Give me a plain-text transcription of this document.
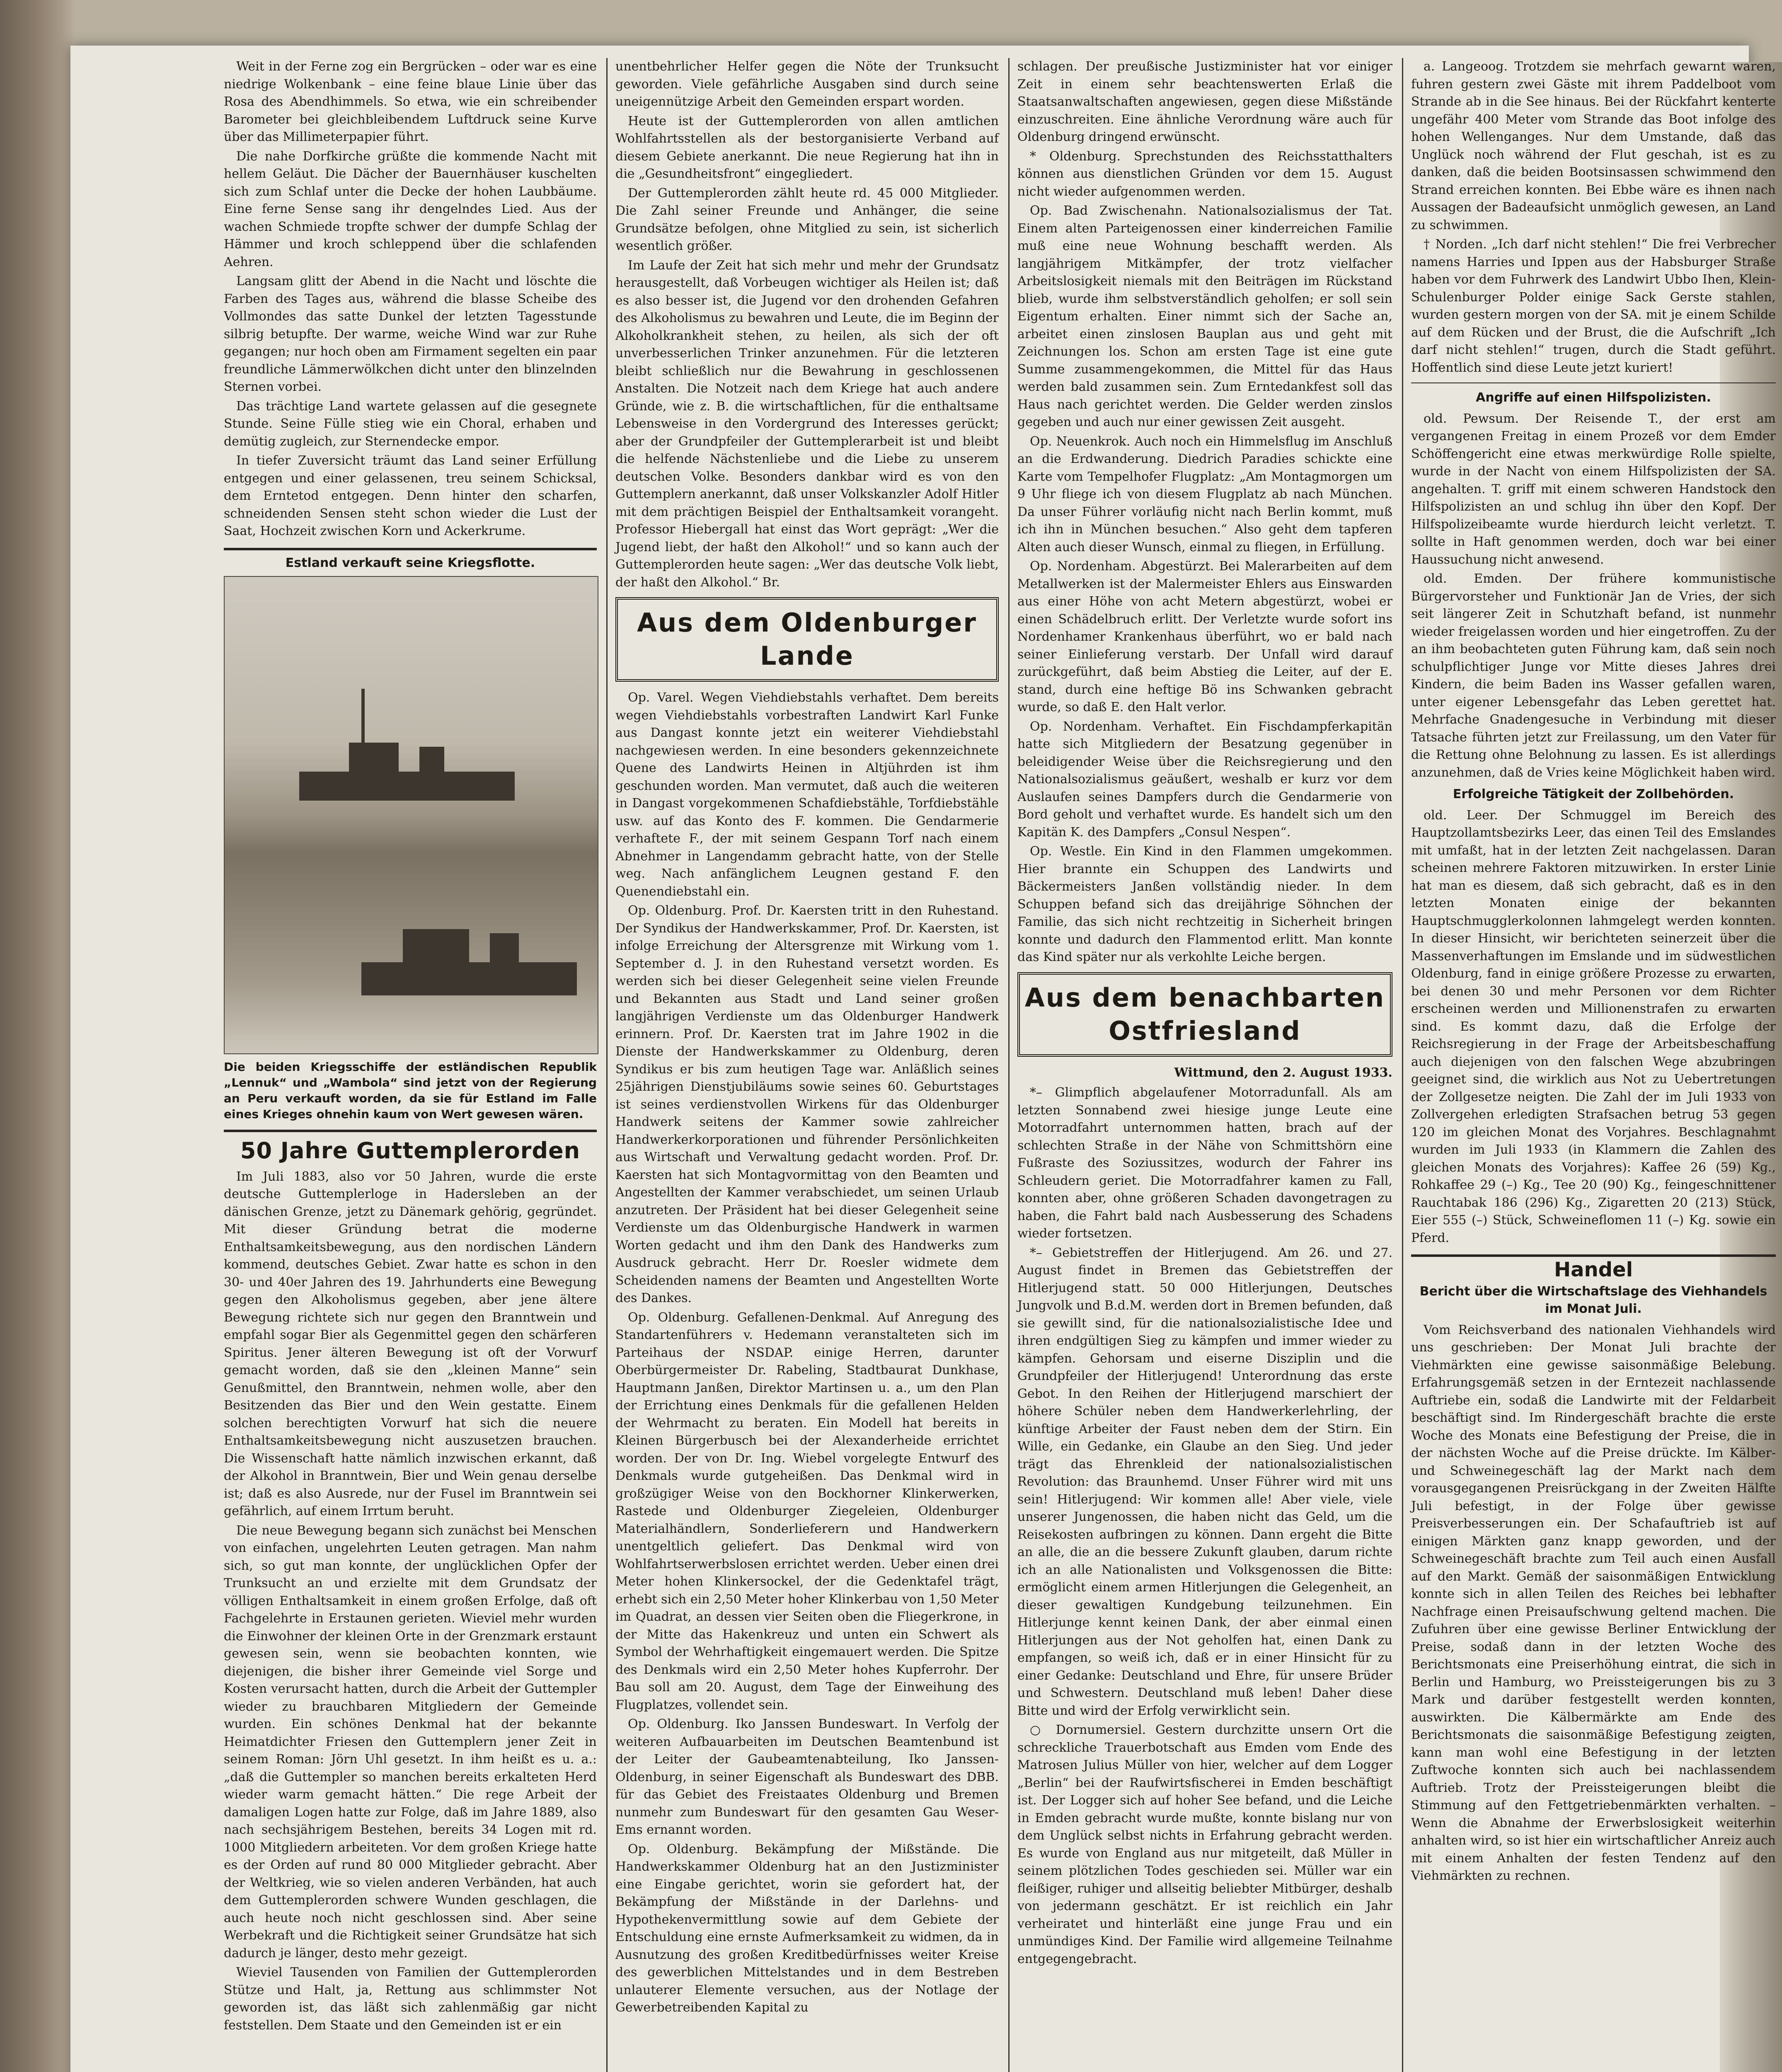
Weit in der Ferne zog ein Bergrücken – oder war es eine niedrige Wolkenbank – eine feine blaue Linie über das Rosa des Abendhimmels. So etwa, wie ein schreibender Barometer bei gleichbleibendem Luftdruck seine Kurve über das Millimeterpapier führt.

Die nahe Dorfkirche grüßte die kommende Nacht mit hellem Geläut. Die Dächer der Bauernhäuser kuschelten sich zum Schlaf unter die Decke der hohen Laubbäume. Eine ferne Sense sang ihr dengelndes Lied. Aus der wachen Schmiede tropfte schwer der dumpfe Schlag der Hämmer und kroch schleppend über die schlafenden Aehren.

Langsam glitt der Abend in die Nacht und löschte die Farben des Tages aus, während die blasse Scheibe des Vollmondes das satte Dunkel der letzten Tagesstunde silbrig betupfte. Der warme, weiche Wind war zur Ruhe gegangen; nur hoch oben am Firmament segelten ein paar freundliche Lämmerwölkchen dicht unter den blinzelnden Sternen vorbei.

Das trächtige Land wartete gelassen auf die gesegnete Stunde. Seine Fülle stieg wie ein Choral, erhaben und demütig zugleich, zur Sternendecke empor.

In tiefer Zuversicht träumt das Land seiner Erfüllung entgegen und einer gelassenen, treu seinem Schicksal, dem Erntetod entgegen. Denn hinter den scharfen, schneidenden Sensen steht schon wieder die Lust der Saat, Hochzeit zwischen Korn und Ackerkrume.

Estland verkauft seine Kriegsflotte.
Die beiden Kriegsschiffe der estländischen Republik „Lennuk“ und „Wambola“ sind jetzt von der Regierung an Peru verkauft worden, da sie für Estland im Falle eines Krieges ohnehin kaum von Wert gewesen wären.
50 Jahre Guttemplerorden

Im Juli 1883, also vor 50 Jahren, wurde die erste deutsche Guttemplerloge in Hadersleben an der dänischen Grenze, jetzt zu Dänemark gehörig, gegründet. Mit dieser Gründung betrat die moderne Enthaltsamkeitsbewegung, aus den nordischen Ländern kommend, deutsches Gebiet. Zwar hatte es schon in den 30- und 40er Jahren des 19. Jahrhunderts eine Bewegung gegen den Alkoholismus gegeben, aber jene ältere Bewegung richtete sich nur gegen den Branntwein und empfahl sogar Bier als Gegenmittel gegen den schärferen Spiritus. Jener älteren Bewegung ist oft der Vorwurf gemacht worden, daß sie den „kleinen Manne“ sein Genußmittel, den Branntwein, nehmen wolle, aber den Besitzenden das Bier und den Wein gestatte. Einem solchen berechtigten Vorwurf hat sich die neuere Enthaltsamkeitsbewegung nicht auszusetzen brauchen. Die Wissenschaft hatte nämlich inzwischen erkannt, daß der Alkohol in Branntwein, Bier und Wein genau derselbe ist; daß es also Ausrede, nur der Fusel im Branntwein sei gefährlich, auf einem Irrtum beruht.

Die neue Bewegung begann sich zunächst bei Menschen von einfachen, ungelehrten Leuten getragen. Man nahm sich, so gut man konnte, der unglücklichen Opfer der Trunksucht an und erzielte mit dem Grundsatz der völligen Enthaltsamkeit in einem großen Erfolge, daß oft Fachgelehrte in Erstaunen gerieten. Wieviel mehr wurden die Einwohner der kleinen Orte in der Grenzmark erstaunt gewesen sein, wenn sie beobachten konnten, wie diejenigen, die bisher ihrer Gemeinde viel Sorge und Kosten verursacht hatten, durch die Arbeit der Guttempler wieder zu brauchbaren Mitgliedern der Gemeinde wurden. Ein schönes Denkmal hat der bekannte Heimatdichter Friesen den Guttemplern jener Zeit in seinem Roman: Jörn Uhl gesetzt. In ihm heißt es u. a.: „daß die Guttempler so manchen bereits erkalteten Herd wieder warm gemacht hätten.“ Die rege Arbeit der damaligen Logen hatte zur Folge, daß im Jahre 1889, also nach sechsjährigem Bestehen, bereits 34 Logen mit rd. 1000 Mitgliedern arbeiteten. Vor dem großen Kriege hatte es der Orden auf rund 80 000 Mitglieder gebracht. Aber der Weltkrieg, wie so vielen anderen Verbänden, hat auch dem Guttemplerorden schwere Wunden geschlagen, die auch heute noch nicht geschlossen sind. Aber seine Werbekraft und die Richtigkeit seiner Grundsätze hat sich dadurch je länger, desto mehr gezeigt.

Wieviel Tausenden von Familien der Guttemplerorden Stütze und Halt, ja, Rettung aus schlimmster Not geworden ist, das läßt sich zahlenmäßig gar nicht feststellen. Dem Staate und den Gemeinden ist er ein

unentbehrlicher Helfer gegen die Nöte der Trunksucht geworden. Viele gefährliche Ausgaben sind durch seine uneigennützige Arbeit den Gemeinden erspart worden.

Heute ist der Guttemplerorden von allen amtlichen Wohlfahrtsstellen als der bestorganisierte Verband auf diesem Gebiete anerkannt. Die neue Regierung hat ihn in die „Gesundheitsfront“ eingegliedert.

Der Guttemplerorden zählt heute rd. 45 000 Mitglieder. Die Zahl seiner Freunde und Anhänger, die seine Grundsätze befolgen, ohne Mitglied zu sein, ist sicherlich wesentlich größer.

Im Laufe der Zeit hat sich mehr und mehr der Grundsatz herausgestellt, daß Vorbeugen wichtiger als Heilen ist; daß es also besser ist, die Jugend vor den drohenden Gefahren des Alkoholismus zu bewahren und Leute, die im Beginn der Alkoholkrankheit stehen, zu heilen, als sich der oft unverbesserlichen Trinker anzunehmen. Für die letzteren bleibt schließlich nur die Bewahrung in geschlossenen Anstalten. Die Notzeit nach dem Kriege hat auch andere Gründe, wie z. B. die wirtschaftlichen, für die enthaltsame Lebensweise in den Vordergrund des Interesses gerückt; aber der Grundpfeiler der Guttemplerarbeit ist und bleibt die helfende Nächstenliebe und die Liebe zu unserem deutschen Volke. Besonders dankbar wird es von den Guttemplern anerkannt, daß unser Volkskanzler Adolf Hitler mit dem prächtigen Beispiel der Enthaltsamkeit vorangeht. Professor Hiebergall hat einst das Wort geprägt: „Wer die Jugend liebt, der haßt den Alkohol!“ und so kann auch der Guttemplerorden heute sagen: „Wer das deutsche Volk liebt, der haßt den Alkohol.“ Br.

Aus dem Oldenburger Lande

Op. Varel. Wegen Viehdiebstahls verhaftet. Dem bereits wegen Viehdiebstahls vorbestraften Landwirt Karl Funke aus Dangast konnte jetzt ein weiterer Viehdiebstahl nachgewiesen werden. In eine besonders gekennzeichnete Quene des Landwirts Heinen in Altjührden ist ihm geschunden worden. Man vermutet, daß auch die weiteren in Dangast vorgekommenen Schafdiebstähle, Torfdiebstähle usw. auf das Konto des F. kommen. Die Gendarmerie verhaftete F., der mit seinem Gespann Torf nach einem Abnehmer in Langendamm gebracht hatte, von der Stelle weg. Nach anfänglichem Leugnen gestand F. den Quenendiebstahl ein.

Op. Oldenburg. Prof. Dr. Kaersten tritt in den Ruhestand. Der Syndikus der Handwerkskammer, Prof. Dr. Kaersten, ist infolge Erreichung der Altersgrenze mit Wirkung vom 1. September d. J. in den Ruhestand versetzt worden. Es werden sich bei dieser Gelegenheit seine vielen Freunde und Bekannten aus Stadt und Land seiner großen langjährigen Verdienste um das Oldenburger Handwerk erinnern. Prof. Dr. Kaersten trat im Jahre 1902 in die Dienste der Handwerkskammer zu Oldenburg, deren Syndikus er bis zum heutigen Tage war. Anläßlich seines 25jährigen Dienstjubiläums sowie seines 60. Geburtstages ist seines verdienstvollen Wirkens für das Oldenburger Handwerk seitens der Kammer sowie zahlreicher Handwerkerkorporationen und führender Persönlichkeiten aus Wirtschaft und Verwaltung gedacht worden. Prof. Dr. Kaersten hat sich Montagvormittag von den Beamten und Angestellten der Kammer verabschiedet, um seinen Urlaub anzutreten. Der Präsident hat bei dieser Gelegenheit seine Verdienste um das Oldenburgische Handwerk in warmen Worten gedacht und ihm den Dank des Handwerks zum Ausdruck gebracht. Herr Dr. Roesler widmete dem Scheidenden namens der Beamten und Angestellten Worte des Dankes.

Op. Oldenburg. Gefallenen-Denkmal. Auf Anregung des Standartenführers v. Hedemann veranstalteten sich im Parteihaus der NSDAP. einige Herren, darunter Oberbürgermeister Dr. Rabeling, Stadtbaurat Dunkhase, Hauptmann Janßen, Direktor Martinsen u. a., um den Plan der Errichtung eines Denkmals für die gefallenen Helden der Wehrmacht zu beraten. Ein Modell hat bereits in Kleinen Bürgerbusch bei der Alexanderheide errichtet worden. Der von Dr. Ing. Wiebel vorgelegte Entwurf des Denkmals wurde gutgeheißen. Das Denkmal wird in großzügiger Weise von den Bockhorner Klinkerwerken, Rastede und Oldenburger Ziegeleien, Oldenburger Materialhändlern, Sonderlieferern und Handwerkern unentgeltlich geliefert. Das Denkmal wird von Wohlfahrtserwerbslosen errichtet werden. Ueber einen drei Meter hohen Klinkersockel, der die Gedenktafel trägt, erhebt sich ein 2,50 Meter hoher Klinkerbau von 1,50 Meter im Quadrat, an dessen vier Seiten oben die Fliegerkrone, in der Mitte das Hakenkreuz und unten ein Schwert als Symbol der Wehrhaftigkeit eingemauert werden. Die Spitze des Denkmals wird ein 2,50 Meter hohes Kupferrohr. Der Bau soll am 20. August, dem Tage der Einweihung des Flugplatzes, vollendet sein.

Op. Oldenburg. Iko Janssen Bundeswart. In Verfolg der weiteren Aufbauarbeiten im Deutschen Beamtenbund ist der Leiter der Gaubeamtenabteilung, Iko Janssen-Oldenburg, in seiner Eigenschaft als Bundeswart des DBB. für das Gebiet des Freistaates Oldenburg und Bremen nunmehr zum Bundeswart für den gesamten Gau Weser-Ems ernannt worden.

Op. Oldenburg. Bekämpfung der Mißstände. Die Handwerkskammer Oldenburg hat an den Justizminister eine Eingabe gerichtet, worin sie gefordert hat, der Bekämpfung der Mißstände in der Darlehns- und Hypothekenvermittlung sowie auf dem Gebiete der Entschuldung eine ernste Aufmerksamkeit zu widmen, da in Ausnutzung des großen Kreditbedürfnisses weiter Kreise des gewerblichen Mittelstandes und in dem Bestreben unlauterer Elemente versuchen, aus der Notlage der Gewerbetreibenden Kapital zu

schlagen. Der preußische Justizminister hat vor einiger Zeit in einem sehr beachtenswerten Erlaß die Staatsanwaltschaften angewiesen, gegen diese Mißstände einzuschreiten. Eine ähnliche Verordnung wäre auch für Oldenburg dringend erwünscht.

* Oldenburg. Sprechstunden des Reichsstatthalters können aus dienstlichen Gründen vor dem 15. August nicht wieder aufgenommen werden.

Op. Bad Zwischenahn. Nationalsozialismus der Tat. Einem alten Parteigenossen einer kinderreichen Familie muß eine neue Wohnung beschafft werden. Als langjährigem Mitkämpfer, der trotz vielfacher Arbeitslosigkeit niemals mit den Beiträgen im Rückstand blieb, wurde ihm selbstverständlich geholfen; er soll sein Eigentum erhalten. Einer nimmt sich der Sache an, arbeitet einen zinslosen Bauplan aus und geht mit Zeichnungen los. Schon am ersten Tage ist eine gute Summe zusammengekommen, die Mittel für das Haus werden bald zusammen sein. Zum Erntedankfest soll das Haus nach gerichtet werden. Die Gelder werden zinslos gegeben und auch nur einer gewissen Zeit ausgeht.

Op. Neuenkrok. Auch noch ein Himmelsflug im Anschluß an die Erdwanderung. Diedrich Paradies schickte eine Karte vom Tempelhofer Flugplatz: „Am Montagmorgen um 9 Uhr fliege ich von diesem Flugplatz ab nach München. Da unser Führer vorläufig nicht nach Berlin kommt, muß ich ihn in München besuchen.“ Also geht dem tapferen Alten auch dieser Wunsch, einmal zu fliegen, in Erfüllung.

Op. Nordenham. Abgestürzt. Bei Malerarbeiten auf dem Metallwerken ist der Malermeister Ehlers aus Einswarden aus einer Höhe von acht Metern abgestürzt, wobei er einen Schädelbruch erlitt. Der Verletzte wurde sofort ins Nordenhamer Krankenhaus überführt, wo er bald nach seiner Einlieferung verstarb. Der Unfall wird darauf zurückgeführt, daß beim Abstieg die Leiter, auf der E. stand, durch eine heftige Bö ins Schwanken gebracht wurde, so daß E. den Halt verlor.

Op. Nordenham. Verhaftet. Ein Fischdampferkapitän hatte sich Mitgliedern der Besatzung gegenüber in beleidigender Weise über die Reichsregierung und den Nationalsozialismus geäußert, weshalb er kurz vor dem Auslaufen seines Dampfers durch die Gendarmerie von Bord geholt und verhaftet wurde. Es handelt sich um den Kapitän K. des Dampfers „Consul Nespen“.

Op. Westle. Ein Kind in den Flammen umgekommen. Hier brannte ein Schuppen des Landwirts und Bäckermeisters Janßen vollständig nieder. In dem Schuppen befand sich das dreijährige Söhnchen der Familie, das sich nicht rechtzeitig in Sicherheit bringen konnte und dadurch den Flammentod erlitt. Man konnte das Kind später nur als verkohlte Leiche bergen.

Aus dem benachbarten Ostfriesland
Wittmund, den 2. August 1933.

*– Glimpflich abgelaufener Motorradunfall. Als am letzten Sonnabend zwei hiesige junge Leute eine Motorradfahrt unternommen hatten, brach auf der schlechten Straße in der Nähe von Schmittshörn eine Fußraste des Soziussitzes, wodurch der Fahrer ins Schleudern geriet. Die Motorradfahrer kamen zu Fall, konnten aber, ohne größeren Schaden davongetragen zu haben, die Fahrt bald nach Ausbesserung des Schadens wieder fortsetzen.

*– Gebietstreffen der Hitlerjugend. Am 26. und 27. August findet in Bremen das Gebietstreffen der Hitlerjugend statt. 50 000 Hitlerjungen, Deutsches Jungvolk und B.d.M. werden dort in Bremen befunden, daß sie gewillt sind, für die nationalsozialistische Idee und ihren endgültigen Sieg zu kämpfen und immer wieder zu kämpfen. Gehorsam und eiserne Disziplin und die Grundpfeiler der Hitlerjugend! Unterordnung das erste Gebot. In den Reihen der Hitlerjugend marschiert der höhere Schüler neben dem Handwerkerlehrling, der künftige Arbeiter der Faust neben dem der Stirn. Ein Wille, ein Gedanke, ein Glaube an den Sieg. Und jeder trägt das Ehrenkleid der nationalsozialistischen Revolution: das Braunhemd. Unser Führer wird mit uns sein! Hitlerjugend: Wir kommen alle! Aber viele, viele unserer Jungenossen, die haben nicht das Geld, um die Reisekosten aufbringen zu können. Dann ergeht die Bitte an alle, die an die bessere Zukunft glauben, darum richte ich an alle Nationalisten und Volksgenossen die Bitte: ermöglicht einem armen Hitlerjungen die Gelegenheit, an dieser gewaltigen Kundgebung teilzunehmen. Ein Hitlerjunge kennt keinen Dank, der aber einmal einen Hitlerjungen aus der Not geholfen hat, einen Dank zu empfangen, so weiß ich, daß er in einer Hinsicht für zu einer Gedanke: Deutschland und Ehre, für unsere Brüder und Schwestern. Deutschland muß leben! Daher diese Bitte und wird der Erfolg verwirklicht sein.

○ Dornumersiel. Gestern durchzitte unsern Ort die schreckliche Trauerbotschaft aus Emden vom Ende des Matrosen Julius Müller von hier, welcher auf dem Logger „Berlin“ bei der Raufwirtsfischerei in Emden beschäftigt ist. Der Logger sich auf hoher See befand, und die Leiche in Emden gebracht wurde mußte, konnte bislang nur von dem Unglück selbst nichts in Erfahrung gebracht werden. Es wurde von England aus nur mitgeteilt, daß Müller in seinem plötzlichen Todes geschieden sei. Müller war ein fleißiger, ruhiger und allseitig beliebter Mitbürger, deshalb von jedermann geschätzt. Er ist reichlich ein Jahr verheiratet und hinterläßt eine junge Frau und ein unmündiges Kind. Der Familie wird allgemeine Teilnahme entgegengebracht.

a. Langeoog. Trotzdem sie mehrfach gewarnt waren, fuhren gestern zwei Gäste mit ihrem Paddelboot vom Strande ab in die See hinaus. Bei der Rückfahrt kenterte ungefähr 400 Meter vom Strande das Boot infolge des hohen Wellenganges. Nur dem Umstande, daß das Unglück noch während der Flut geschah, ist es zu danken, daß die beiden Bootsinsassen schwimmend den Strand erreichen konnten. Bei Ebbe wäre es ihnen nach Aussagen der Badeaufsicht unmöglich gewesen, an Land zu schwimmen.

† Norden. „Ich darf nicht stehlen!“ Die frei Verbrecher namens Harries und Ippen aus der Habsburger Straße haben vor dem Fuhrwerk des Landwirt Ubbo Ihen, Klein-Schulenburger Polder einige Sack Gerste stahlen, wurden gestern morgen von der SA. mit je einem Schilde auf dem Rücken und der Brust, die die Aufschrift „Ich darf nicht stehlen!“ trugen, durch die Stadt geführt. Hoffentlich sind diese Leute jetzt kuriert!

Angriffe auf einen Hilfspolizisten.

old. Pewsum. Der Reisende T., der erst am vergangenen Freitag in einem Prozeß vor dem Emder Schöffengericht eine etwas merkwürdige Rolle spielte, wurde in der Nacht von einem Hilfspolizisten der SA. angehalten. T. griff mit einem schweren Handstock den Hilfspolizisten an und schlug ihn über den Kopf. Der Hilfspolizeibeamte wurde hierdurch leicht verletzt. T. sollte in Haft genommen werden, doch war bei einer Haussuchung nicht anwesend.

old. Emden. Der frühere kommunistische Bürgervorsteher und Funktionär Jan de Vries, der sich seit längerer Zeit in Schutzhaft befand, ist nunmehr wieder freigelassen worden und hier eingetroffen. Zu der an ihm beobachteten guten Führung kam, daß sein noch schulpflichtiger Junge vor Mitte dieses Jahres drei Kindern, die beim Baden ins Wasser gefallen waren, unter eigener Lebensgefahr das Leben gerettet hat. Mehrfache Gnadengesuche in Verbindung mit dieser Tatsache führten jetzt zur Freilassung, um den Vater für die Rettung ohne Belohnung zu lassen. Es ist allerdings anzunehmen, daß de Vries keine Möglichkeit haben wird.

Erfolgreiche Tätigkeit der Zollbehörden.

old. Leer. Der Schmuggel im Bereich des Hauptzollamtsbezirks Leer, das einen Teil des Emslandes mit umfaßt, hat in der letzten Zeit nachgelassen. Daran scheinen mehrere Faktoren mitzuwirken. In erster Linie hat man es diesem, daß sich gebracht, daß es in den letzten Monaten einige der bekannten Hauptschmugglerkolonnen lahmgelegt werden konnten. In dieser Hinsicht, wir berichteten seinerzeit über die Massenverhaftungen im Emslande und im südwestlichen Oldenburg, fand in einige größere Prozesse zu erwarten, bei denen 30 und mehr Personen vor dem Richter erscheinen werden und Millionenstrafen zu erwarten sind. Es kommt dazu, daß die Erfolge der Reichsregierung in der Frage der Arbeitsbeschaffung auch diejenigen von den falschen Wege abzubringen geeignet sind, die wirklich aus Not zu Uebertretungen der Zollgesetze neigten. Die Zahl der im Juli 1933 von Zollvergehen erledigten Strafsachen betrug 53 gegen 120 im gleichen Monat des Vorjahres. Beschlagnahmt wurden im Juli 1933 (in Klammern die Zahlen des gleichen Monats des Vorjahres): Kaffee 26 (59) Kg., Rohkaffee 29 (–) Kg., Tee 20 (90) Kg., feingeschnittener Rauchtabak 186 (296) Kg., Zigaretten 20 (213) Stück, Eier 555 (–) Stück, Schweineflomen 11 (–) Kg. sowie ein Pferd.

Handel
Bericht über die Wirtschaftslage des Viehhandels im Monat Juli.

Vom Reichsverband des nationalen Viehhandels wird uns geschrieben: Der Monat Juli brachte der Viehmärkten eine gewisse saisonmäßige Belebung. Erfahrungsgemäß setzen in der Erntezeit nachlassende Auftriebe ein, sodaß die Landwirte mit der Feldarbeit beschäftigt sind. Im Rindergeschäft brachte die erste Woche des Monats eine Befestigung der Preise, die in der nächsten Woche auf die Preise drückte. Im Kälber- und Schweinegeschäft lag der Markt nach dem vorausgegangenen Preisrückgang in der Zweiten Hälfte Juli befestigt, in der Folge über gewisse Preisverbesserungen ein. Der Schafauftrieb ist auf einigen Märkten ganz knapp geworden, und der Schweinegeschäft brachte zum Teil auch einen Ausfall auf den Markt. Gemäß der saisonmäßigen Entwicklung konnte sich in allen Teilen des Reiches bei lebhafter Nachfrage einen Preisaufschwung geltend machen. Die Zufuhren über eine gewisse Berliner Entwicklung der Preise, sodaß dann in der letzten Woche des Berichtsmonats eine Preiserhöhung eintrat, die sich in Berlin und Hamburg, wo Preissteigerungen bis zu 3 Mark und darüber festgestellt werden konnten, auswirkten. Die Kälbermärkte am Ende des Berichtsmonats die saisonmäßige Befestigung zeigten, kann man wohl eine Befestigung in der letzten Zuftwoche konnten sich auch bei nachlassendem Auftrieb. Trotz der Preissteigerungen bleibt die Stimmung auf den Fettgetriebenmärkten verhalten. – Wenn die Abnahme der Erwerbslosigkeit weiterhin anhalten wird, so ist hier ein wirtschaftlicher Anreiz auch mit einem Anhalten der festen Tendenz auf den Viehmärkten zu rechnen.
